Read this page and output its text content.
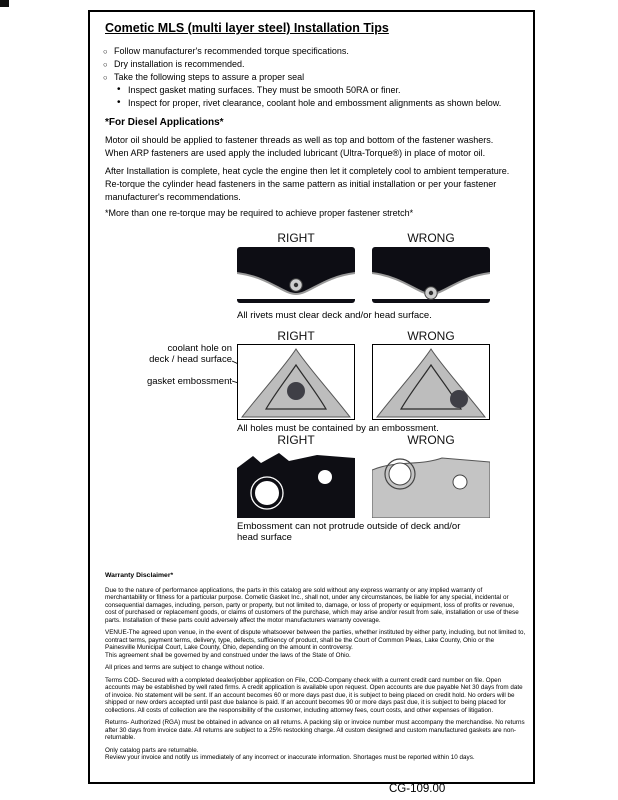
Cometic MLS (multi layer steel) Installation Tips
○ Follow manufacturer's recommended torque specifications.
○ Dry installation is recommended.
○ Take the following steps to assure a proper seal
• Inspect gasket mating surfaces. They must be smooth 50RA or finer.
• Inspect for proper, rivet clearance, coolant hole and embossment alignments as shown below.
*For Diesel Applications*

Motor oil should be applied to fastener threads as well as top and bottom of the fastener washers. When ARP fasteners are used apply the included lubricant (Ultra-Torque®) in place of motor oil.

After Installation is complete, heat cycle the engine then let it completely cool to ambient temperature. Re-torque the cylinder head fasteners in the same pattern as initial installation or per your fastener manufacturer's recommendations.

*More than one re-torque may be required to achieve proper fastener stretch*

RIGHT	WRONG
All rivets must clear deck and/or head surface.
RIGHT	WRONG
coolant hole on
deck / head surface
gasket embossment
All holes must be contained by an embossment.
RIGHT	WRONG
Embossment can not protrude outside of deck and/or head surface

Warranty Disclaimer*

Due to the nature of performance applications, the parts in this catalog are sold without any express warranty or any implied warranty of merchantability or fitness for a particular purpose. Cometic Gasket Inc., shall not, under any circumstances, be liable for any special, incidental or consequential damages, including, person, party or property, but not limited to, damage, or loss of property or equipment, loss of profits or revenue, cost of purchased or replacement goods, or claims of customers of the purchase, which may arise and/or result from sale, installation or use of these parts. Installation of these parts could adversely affect the motor manufacturers warranty coverage.

VENUE-The agreed upon venue, in the event of dispute whatsoever between the parties, whether instituted by either party, including, but not limited to, contract terms, payment terms, delivery, type, defects, sufficiency of product, shall be the Court of Common Pleas, Lake County, Ohio or the Painesville Municipal Court, Lake County, Ohio, depending on the amount in controversy.

This agreement shall be governed by and construed under the laws of the State of Ohio.

All prices and terms are subject to change without notice.

Terms COD- Secured with a completed dealer/jobber application on File, COD-Company check with a current credit card number on file. Open accounts may be established by well rated firms. A credit application is available upon request. Open accounts are due payable Net 30 days from date of invoice. No statement will be sent. If an account becomes 60 or more days past due, it is subject to being placed on credit hold. No orders will be shipped or new orders accepted until past due balance is paid. If an account becomes 90 or more days past due, it is subject to being placed for collections. All costs of collection are the responsibility of the customer, including attorney fees, court costs, and other expenses of litigation.

Returns- Authorized (RGA) must be obtained in advance on all returns. A packing slip or invoice number must accompany the merchandise. No returns after 30 days from invoice date. All returns are subject to a 25% restocking charge. All custom designed and custom manufactured gaskets are non-returnable.

Only catalog parts are returnable.

Review your invoice and notify us immediately of any incorrect or inaccurate information. Shortages must be reported within 10 days.

CG-109.00
